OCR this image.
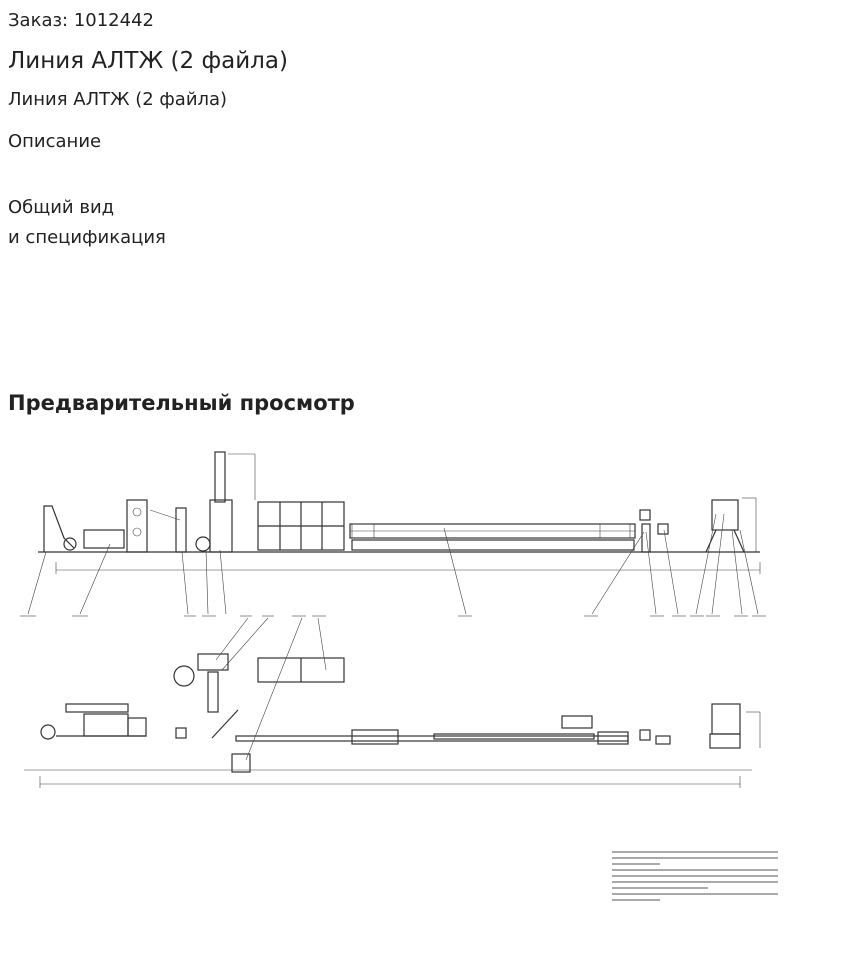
Заказ: 1012442
Линия АЛТЖ (2 файла)
Линия АЛТЖ (2 файла)
Описание
Общий вид
и спецификация
Предварительный просмотр
